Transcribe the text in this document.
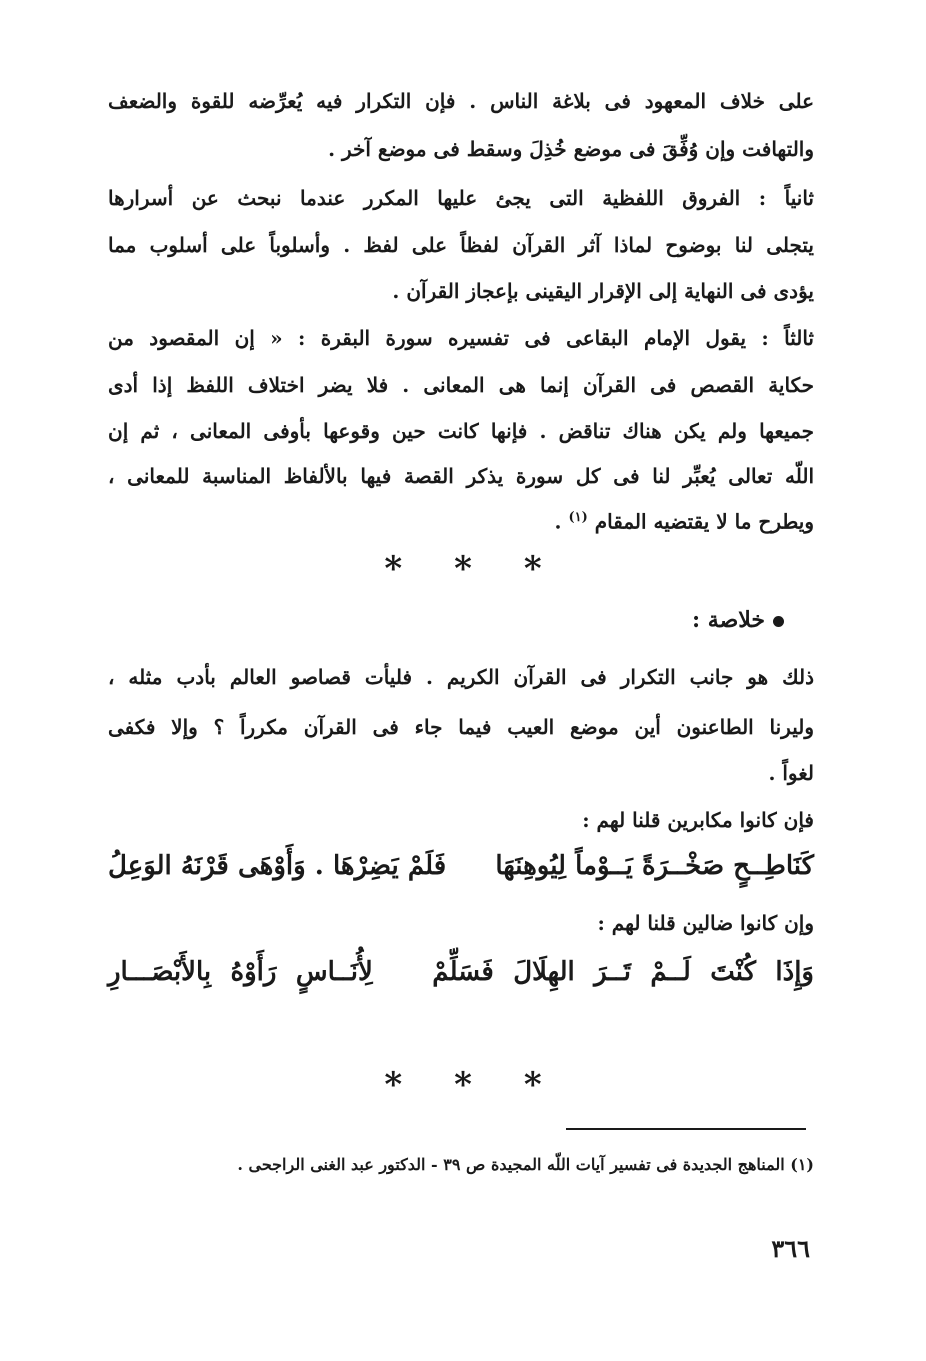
على خلاف المعهود فى بلاغة الناس . فإن التكرار فيه يُعرِّضه للقوة والضعف
والتهافت وإن وُفِّقَ فى موضع خُذِلَ وسقط فى موضع آخر .
ثانياً : الفروق اللفظية التى يجئ عليها المكرر عندما نبحث عن أسرارها
يتجلى لنا بوضوح لماذا آثر القرآن لفظاً على لفظ . وأسلوباً على أسلوب مما
يؤدى فى النهاية إلى الإقرار اليقينى بإعجاز القرآن .
ثالثاً : يقول الإمام البقاعى فى تفسيره سورة البقرة : « إن المقصود من
حكاية القصص فى القرآن إنما هى المعانى . فلا يضر اختلاف اللفظ إذا أدى
جميعها ولم يكن هناك تناقض . فإنها كانت حين وقوعها بأوفى المعانى ، ثم إن
اللّه تعالى يُعبِّر لنا فى كل سورة يذكر القصة فيها بالألفاظ المناسبة للمعانى ،
ويطرح ما لا يقتضيه المقام $^{(١)}$ .
* * *
خلاصة :
ذلك هو جانب التكرار فى القرآن الكريم . فليأت قصاصو العالم بأدب مثله ،
وليرنا الطاعنون أين موضع العيب فيما جاء فى القرآن مكرراً ؟ وإلا فكفى
لغواً .
فإن كانوا مكابرين قلنا لهم :
كَنَاطِــحٍ صَخْــرَةً يَــوْماً لِيُوهِنَهَا فَلَمْ يَضِرْهَا . وَأَوْهَى قَرْنَهُ الوَعِلُ
وإن كانوا ضالين قلنا لهم :
وَإِذَا كُنْتَ لَــمْ تَــرَ الهِلَالَ فَسَلِّمْ لِأُنَــاسٍ رَأَوْهُ بِالأَبْصَـــارِ
* * *
(١) المناهج الجديدة فى تفسير آيات اللّه المجيدة ص ٣٩ - الدكتور عبد الغنى الراجحى .
٣٦٦
